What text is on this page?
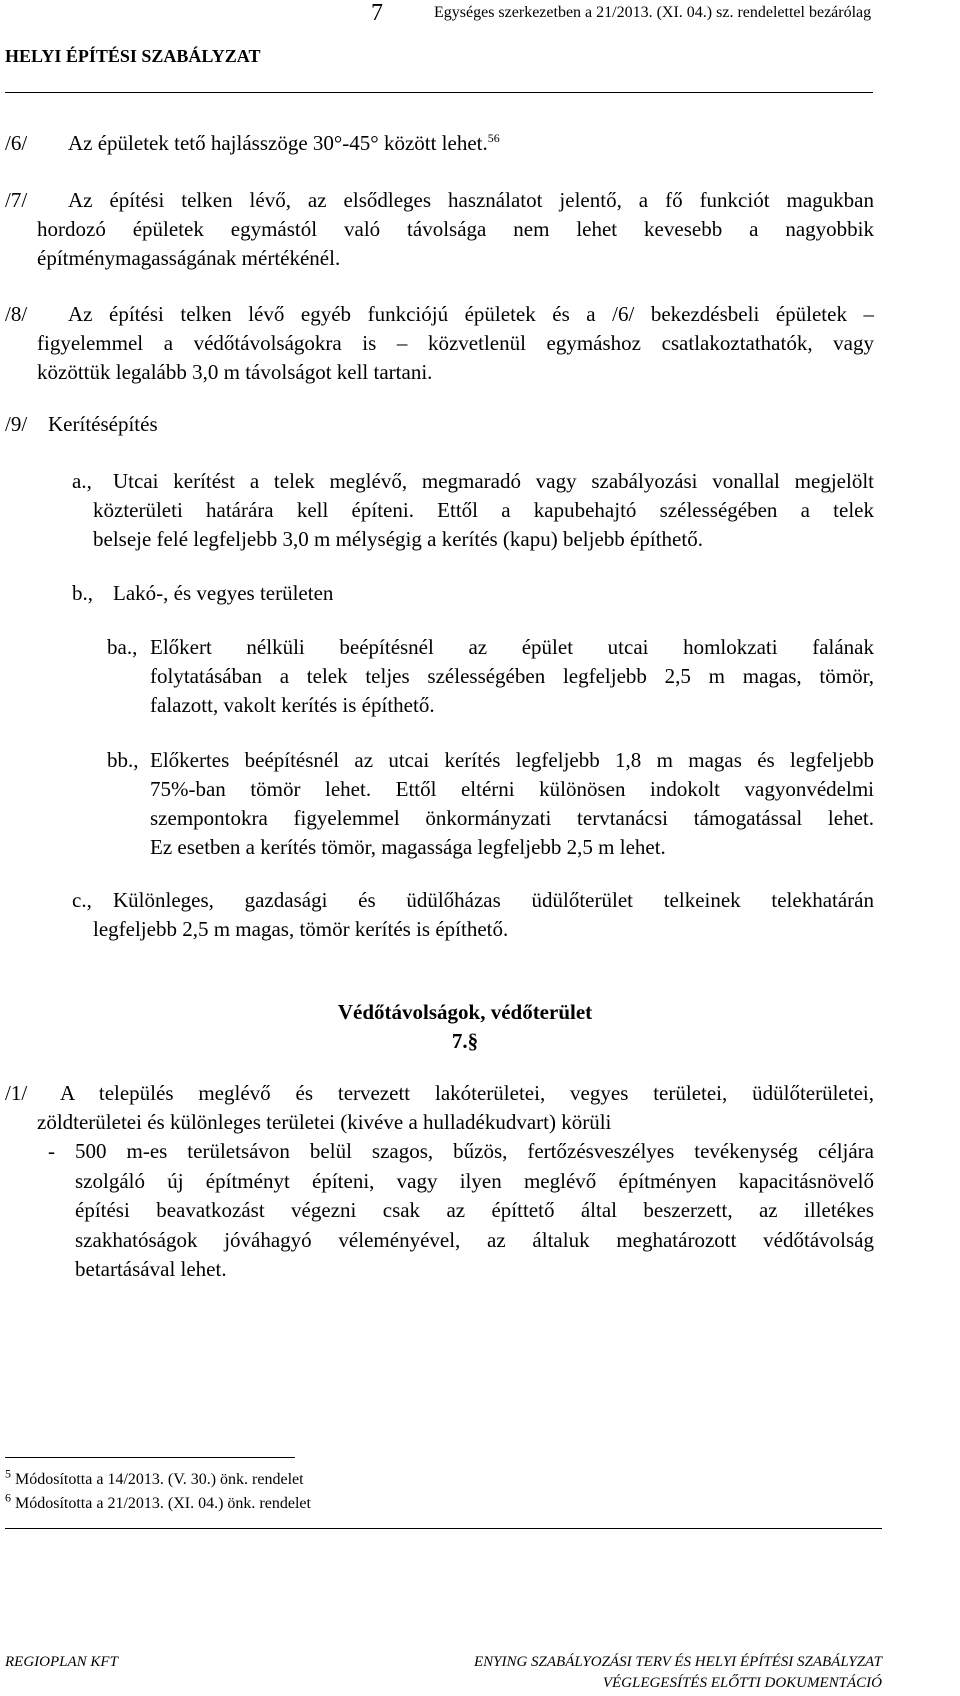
7	Egységes szerkezetben a 21/2013. (XI. 04.) sz. rendelettel bezárólag
HELYI ÉPÍTÉSI SZABÁLYZAT
/6/ Az épületek tető hajlásszöge 30°-45° között lehet.$^{56}$
/7/ Az építési telken lévő, az elsődleges használatot jelentő, a fő funkciót magukban
hordozó épületek egymástól való távolsága nem lehet kevesebb a nagyobbik
építménymagasságának mértékénél.
/8/ Az építési telken lévő egyéb funkciójú épületek és a /6/ bekezdésbeli épületek –
figyelemmel a védőtávolságokra is – közvetlenül egymáshoz csatlakoztathatók, vagy
közöttük legalább 3,0 m távolságot kell tartani.
/9/ Kerítésépítés
a., Utcai kerítést a telek meglévő, megmaradó vagy szabályozási vonallal megjelölt
közterületi határára kell építeni. Ettől a kapubehajtó szélességében a telek
belseje felé legfeljebb 3,0 m mélységig a kerítés (kapu) beljebb építhető.
b., Lakó-, és vegyes területen
ba., Előkert nélküli beépítésnél az épület utcai homlokzati falának
folytatásában a telek teljes szélességében legfeljebb 2,5 m magas, tömör,
falazott, vakolt kerítés is építhető.
bb., Előkertes beépítésnél az utcai kerítés legfeljebb 1,8 m magas és legfeljebb
75%-ban tömör lehet. Ettől eltérni különösen indokolt vagyonvédelmi
szempontokra figyelemmel önkormányzati tervtanácsi támogatással lehet.
Ez esetben a kerítés tömör, magassága legfeljebb 2,5 m lehet.
c., Különleges, gazdasági és üdülőházas üdülőterület telkeinek telekhatárán
legfeljebb 2,5 m magas, tömör kerítés is építhető.
Védőtávolságok, védőterület
7.§
/1/ A település meglévő és tervezett lakóterületei, vegyes területei, üdülőterületei,
zöldterületei és különleges területei (kivéve a hulladékudvart) körüli
- 500 m-es területsávon belül szagos, bűzös, fertőzésveszélyes tevékenység céljára
szolgáló új építményt építeni, vagy ilyen meglévő építményen kapacitásnövelő
építési beavatkozást végezni csak az építtető által beszerzett, az illetékes
szakhatóságok jóváhagyó véleményével, az általuk meghatározott védőtávolság
betartásával lehet.
$^5$ Módosította a 14/2013. (V. 30.) önk. rendelet
$^6$ Módosította a 21/2013. (XI. 04.) önk. rendelet
REGIOPLAN KFT	ENYING SZABÁLYOZÁSI TERV ÉS HELYI ÉPÍTÉSI SZABÁLYZAT
VÉGLEGESÍTÉS ELŐTTI DOKUMENTÁCIÓ
